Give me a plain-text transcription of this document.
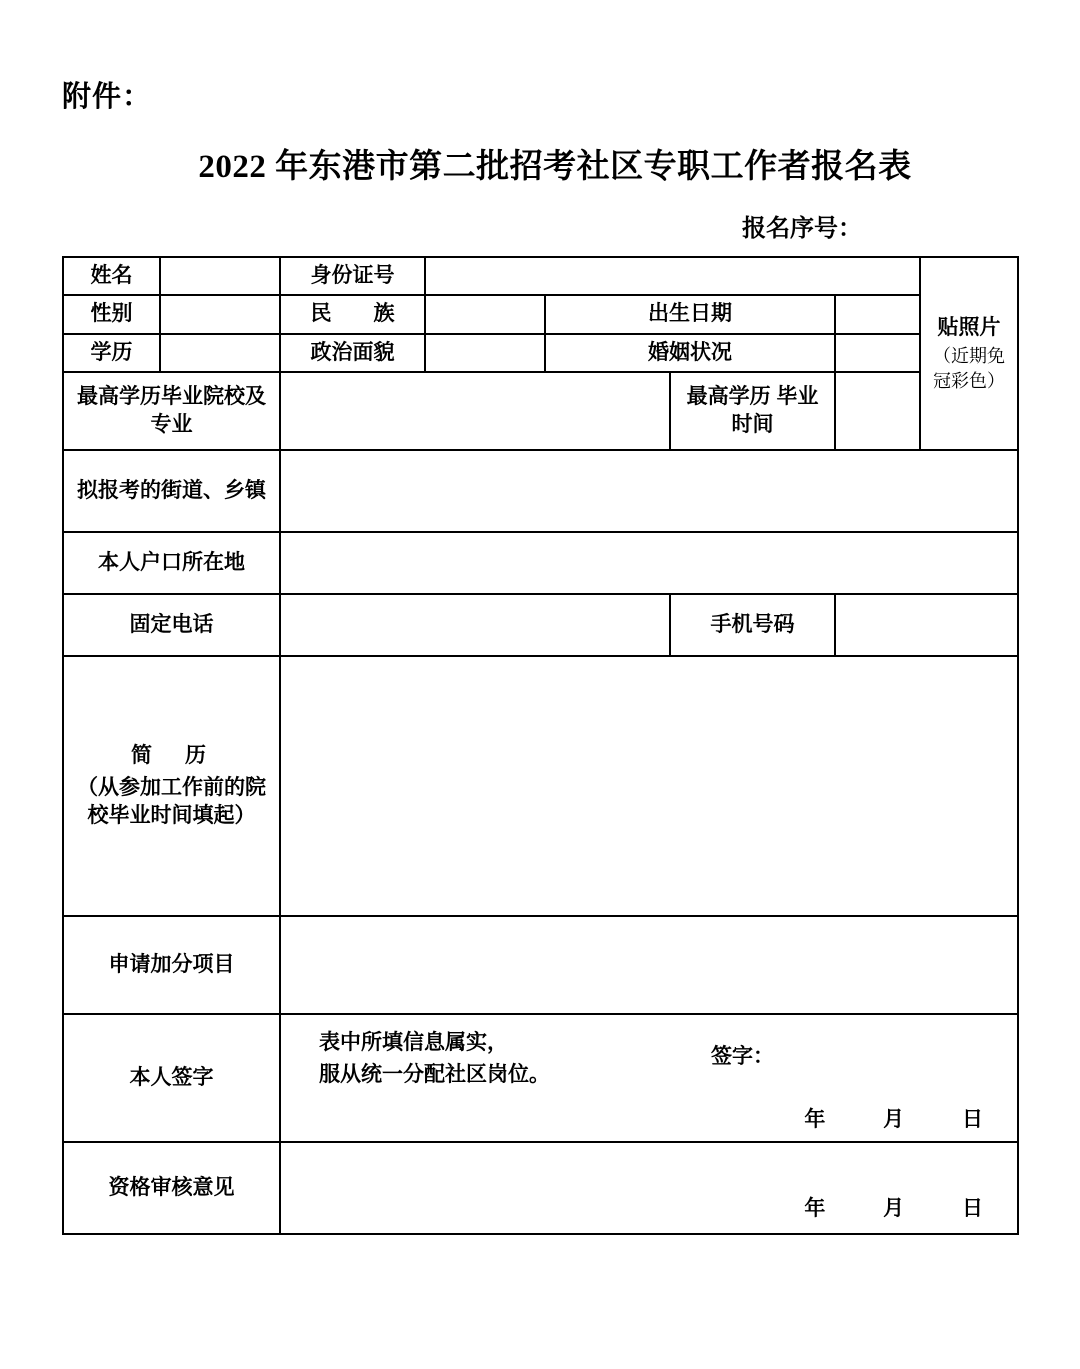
附件：
2022 年东港市第二批招考社区专职工作者报名表
报名序号：
姓名		身份证号					贴照片
（近期免冠彩色）

性别		民　　族		出生日期			
学历		政治面貌		婚姻状况			
最高学历毕业院校及专业					最高学历 毕业时间		
拟报考的街道、乡镇							
本人户口所在地							
固定电话					手机号码		

简　历
（从参加工作前的院校毕业时间填起）							
申请加分项目							
本人签字		表中所填信息属实，
服从统一分配社区岗位。
签字：
年 月 日					

资格审核意见		年 月 日					
